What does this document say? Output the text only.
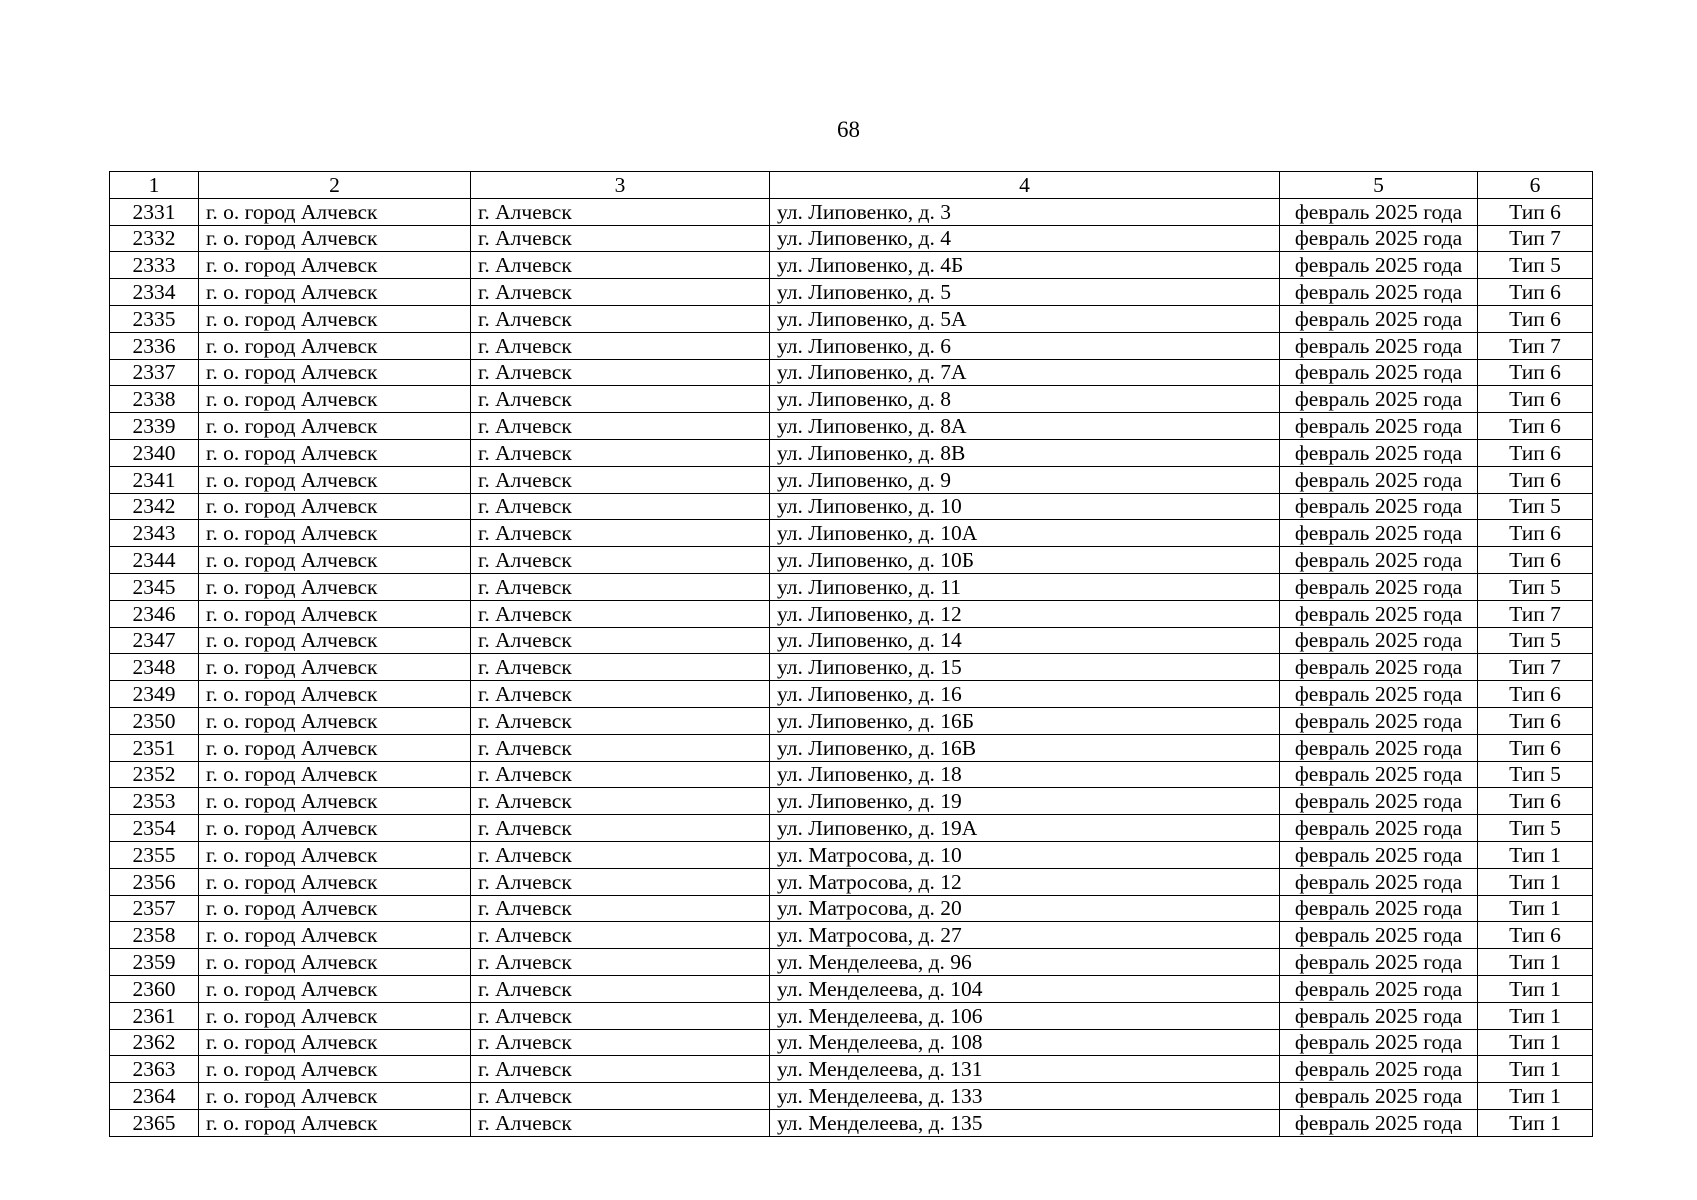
68
1	2	3	4	5	6
2331	г. о. город Алчевск	г. Алчевск	ул. Липовенко, д. 3	февраль 2025 года	Тип 6
2332	г. о. город Алчевск	г. Алчевск	ул. Липовенко, д. 4	февраль 2025 года	Тип 7
2333	г. о. город Алчевск	г. Алчевск	ул. Липовенко, д. 4Б	февраль 2025 года	Тип 5
2334	г. о. город Алчевск	г. Алчевск	ул. Липовенко, д. 5	февраль 2025 года	Тип 6
2335	г. о. город Алчевск	г. Алчевск	ул. Липовенко, д. 5А	февраль 2025 года	Тип 6
2336	г. о. город Алчевск	г. Алчевск	ул. Липовенко, д. 6	февраль 2025 года	Тип 7
2337	г. о. город Алчевск	г. Алчевск	ул. Липовенко, д. 7А	февраль 2025 года	Тип 6
2338	г. о. город Алчевск	г. Алчевск	ул. Липовенко, д. 8	февраль 2025 года	Тип 6
2339	г. о. город Алчевск	г. Алчевск	ул. Липовенко, д. 8А	февраль 2025 года	Тип 6
2340	г. о. город Алчевск	г. Алчевск	ул. Липовенко, д. 8В	февраль 2025 года	Тип 6
2341	г. о. город Алчевск	г. Алчевск	ул. Липовенко, д. 9	февраль 2025 года	Тип 6
2342	г. о. город Алчевск	г. Алчевск	ул. Липовенко, д. 10	февраль 2025 года	Тип 5
2343	г. о. город Алчевск	г. Алчевск	ул. Липовенко, д. 10А	февраль 2025 года	Тип 6
2344	г. о. город Алчевск	г. Алчевск	ул. Липовенко, д. 10Б	февраль 2025 года	Тип 6
2345	г. о. город Алчевск	г. Алчевск	ул. Липовенко, д. 11	февраль 2025 года	Тип 5
2346	г. о. город Алчевск	г. Алчевск	ул. Липовенко, д. 12	февраль 2025 года	Тип 7
2347	г. о. город Алчевск	г. Алчевск	ул. Липовенко, д. 14	февраль 2025 года	Тип 5
2348	г. о. город Алчевск	г. Алчевск	ул. Липовенко, д. 15	февраль 2025 года	Тип 7
2349	г. о. город Алчевск	г. Алчевск	ул. Липовенко, д. 16	февраль 2025 года	Тип 6
2350	г. о. город Алчевск	г. Алчевск	ул. Липовенко, д. 16Б	февраль 2025 года	Тип 6
2351	г. о. город Алчевск	г. Алчевск	ул. Липовенко, д. 16В	февраль 2025 года	Тип 6
2352	г. о. город Алчевск	г. Алчевск	ул. Липовенко, д. 18	февраль 2025 года	Тип 5
2353	г. о. город Алчевск	г. Алчевск	ул. Липовенко, д. 19	февраль 2025 года	Тип 6
2354	г. о. город Алчевск	г. Алчевск	ул. Липовенко, д. 19А	февраль 2025 года	Тип 5
2355	г. о. город Алчевск	г. Алчевск	ул. Матросова, д. 10	февраль 2025 года	Тип 1
2356	г. о. город Алчевск	г. Алчевск	ул. Матросова, д. 12	февраль 2025 года	Тип 1
2357	г. о. город Алчевск	г. Алчевск	ул. Матросова, д. 20	февраль 2025 года	Тип 1
2358	г. о. город Алчевск	г. Алчевск	ул. Матросова, д. 27	февраль 2025 года	Тип 6
2359	г. о. город Алчевск	г. Алчевск	ул. Менделеева, д. 96	февраль 2025 года	Тип 1
2360	г. о. город Алчевск	г. Алчевск	ул. Менделеева, д. 104	февраль 2025 года	Тип 1
2361	г. о. город Алчевск	г. Алчевск	ул. Менделеева, д. 106	февраль 2025 года	Тип 1
2362	г. о. город Алчевск	г. Алчевск	ул. Менделеева, д. 108	февраль 2025 года	Тип 1
2363	г. о. город Алчевск	г. Алчевск	ул. Менделеева, д. 131	февраль 2025 года	Тип 1
2364	г. о. город Алчевск	г. Алчевск	ул. Менделеева, д. 133	февраль 2025 года	Тип 1
2365	г. о. город Алчевск	г. Алчевск	ул. Менделеева, д. 135	февраль 2025 года	Тип 1
